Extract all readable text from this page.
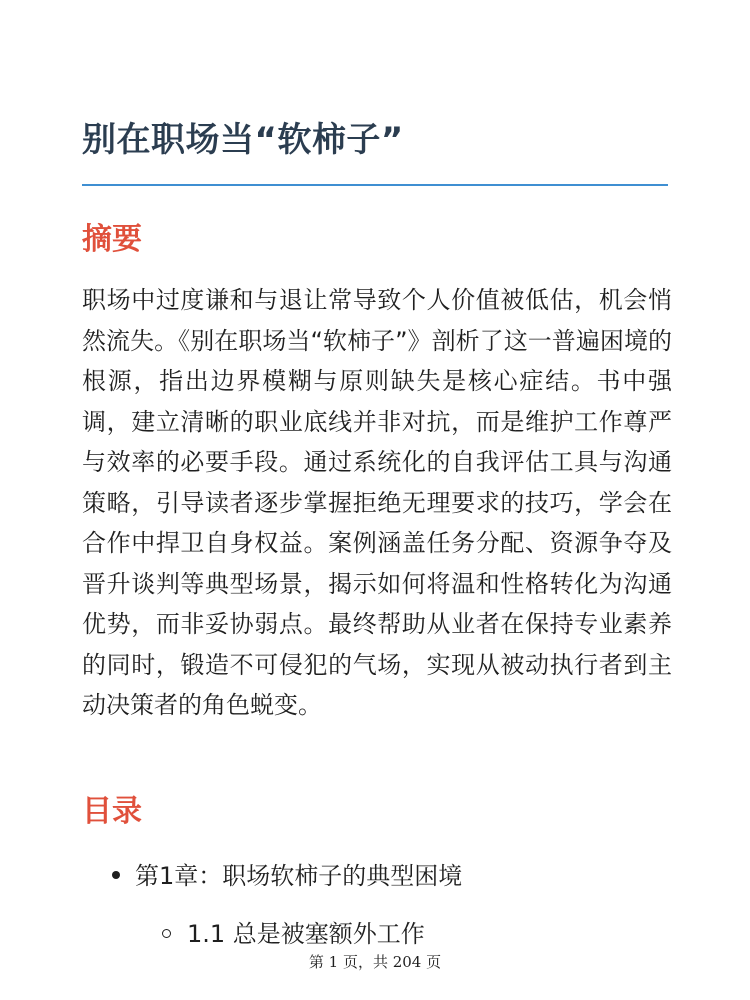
别在职场当“软柿子”
摘要

职场中过度谦和与退让常导致个人价值被低估，机会悄然流失。《别在职场当“软柿子”》剖析了这一普遍困境的根源，指出边界模糊与原则缺失是核心症结。书中强调，建立清晰的职业底线并非对抗，而是维护工作尊严与效率的必要手段。通过系统化的自我评估工具与沟通策略，引导读者逐步掌握拒绝无理要求的技巧，学会在合作中捍卫自身权益。案例涵盖任务分配、资源争夺及晋升谈判等典型场景，揭示如何将温和性格转化为沟通优势，而非妥协弱点。最终帮助从业者在保持专业素养的同时，锻造不可侵犯的气场，实现从被动执行者到主动决策者的角色蜕变。

目录
第1章：职场软柿子的典型困境
1.1 总是被塞额外工作
第 1 页，共 204 页
